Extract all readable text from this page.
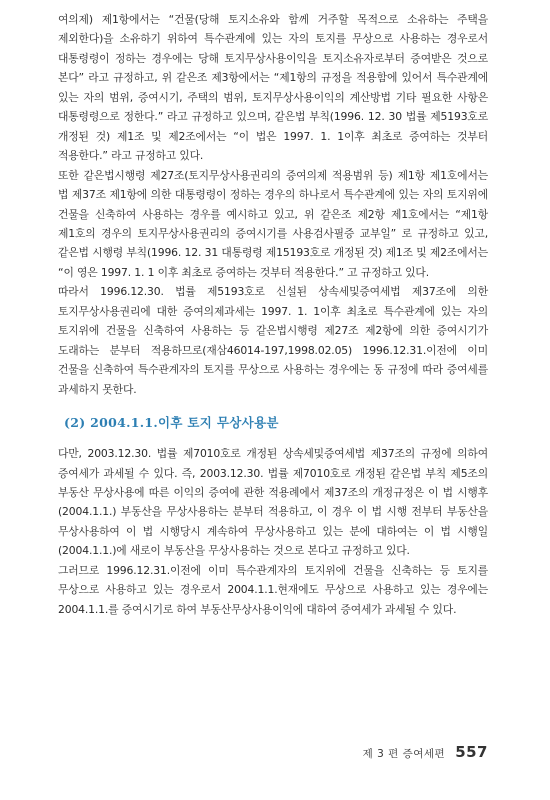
여의제) 제1항에서는 “건물(당해 토지소유와 함께 거주할 목적으로 소유하는 주택을 제외한다)을 소유하기 위하여 특수관계에 있는 자의 토지를 무상으로 사용하는 경우로서 대통령령이 정하는 경우에는 당해 토지무상사용이익을 토지소유자로부터 증여받은 것으로 본다” 라고 규정하고, 위 같은조 제3항에서는 “제1항의 규정을 적용함에 있어서 특수관계에 있는 자의 범위, 증여시기, 주택의 범위, 토지무상사용이익의 계산방법 기타 필요한 사항은 대통령령으로 정한다.” 라고 규정하고 있으며, 같은법 부칙(1996. 12. 30 법률 제5193호로 개정된 것) 제1조 및 제2조에서는 “이 법은 1997. 1. 1이후 최초로 증여하는 것부터 적용한다.” 라고 규정하고 있다.

또한 같은법시행령 제27조(토지무상사용권리의 증여의제 적용범위 등) 제1항 제1호에서는 법 제37조 제1항에 의한 대통령령이 정하는 경우의 하나로서 특수관계에 있는 자의 토지위에 건물을 신축하여 사용하는 경우를 예시하고 있고, 위 같은조 제2항 제1호에서는 “제1항 제1호의 경우의 토지무상사용권리의 증여시기를 사용검사필증 교부일” 로 규정하고 있고, 같은법 시행령 부칙(1996. 12. 31 대통령령 제15193호로 개정된 것) 제1조 및 제2조에서는 “이 영은 1997. 1. 1 이후 최초로 증여하는 것부터 적용한다.” 고 규정하고 있다.

따라서 1996.12.30. 법률 제5193호로 신설된 상속세및증여세법 제37조에 의한 토지무상사용권리에 대한 증여의제과세는 1997. 1. 1이후 최초로 특수관계에 있는 자의 토지위에 건물을 신축하여 사용하는 등 같은법시행령 제27조 제2항에 의한 증여시기가 도래하는 분부터 적용하므로(재삼46014-197,1998.02.05) 1996.12.31.이전에 이미 건물을 신축하여 특수관계자의 토지를 무상으로 사용하는 경우에는 동 규정에 따라 증여세를 과세하지 못한다.

(2) 2004.1.1.이후 토지 무상사용분

다만, 2003.12.30. 법률 제7010호로 개정된 상속세및증여세법 제37조의 규정에 의하여 증여세가 과세될 수 있다. 즉, 2003.12.30. 법률 제7010호로 개정된 같은법 부칙 제5조의 부동산 무상사용에 따른 이익의 증여에 관한 적용례에서 제37조의 개정규정은 이 법 시행후(2004.1.1.) 부동산을 무상사용하는 분부터 적용하고, 이 경우 이 법 시행 전부터 부동산을 무상사용하여 이 법 시행당시 계속하여 무상사용하고 있는 분에 대하여는 이 법 시행일(2004.1.1.)에 새로이 부동산을 무상사용하는 것으로 본다고 규정하고 있다.

그러므로 1996.12.31.이전에 이미 특수관계자의 토지위에 건물을 신축하는 등 토지를 무상으로 사용하고 있는 경우로서 2004.1.1.현재에도 무상으로 사용하고 있는 경우에는 2004.1.1.를 증여시기로 하여 부동산무상사용이익에 대하여 증여세가 과세될 수 있다.

제 3 편 증여세편 557
